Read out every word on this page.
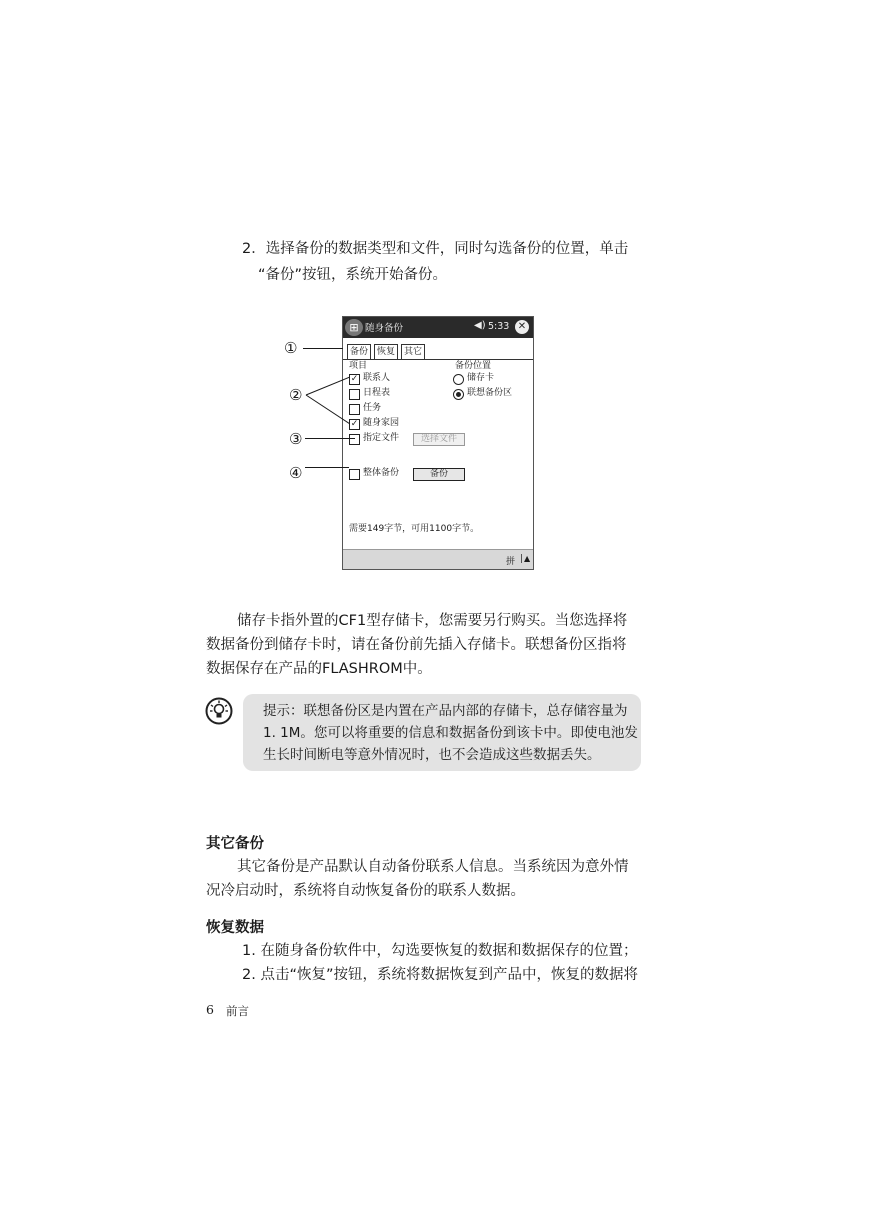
2．选择备份的数据类型和文件，同时勾选备份的位置，单击
“备份”按钮，系统开始备份。
⊞ 随身备份	◀) 5:33 ✕
备份 恢复 其它
项目	备份位置
✓ 联系人
日程表
任务
✓ 随身家园
指定文件	选择文件
储存卡
联想备份区
整体备份	备份
需要149字节，可用1100字节。
拼	▲
①
②
③
④
储存卡指外置的CF1型存储卡，您需要另行购买。当您选择将
数据备份到储存卡时，请在备份前先插入存储卡。联想备份区指将
数据保存在产品的FLASHROM中。
提示：联想备份区是内置在产品内部的存储卡，总存储容量为
1. 1M。您可以将重要的信息和数据备份到该卡中。即使电池发
生长时间断电等意外情况时，也不会造成这些数据丢失。
其它备份
其它备份是产品默认自动备份联系人信息。当系统因为意外情
况冷启动时，系统将自动恢复备份的联系人数据。
恢复数据
1. 在随身备份软件中，勾选要恢复的数据和数据保存的位置；
2. 点击“恢复”按钮，系统将数据恢复到产品中，恢复的数据将
6 前言
